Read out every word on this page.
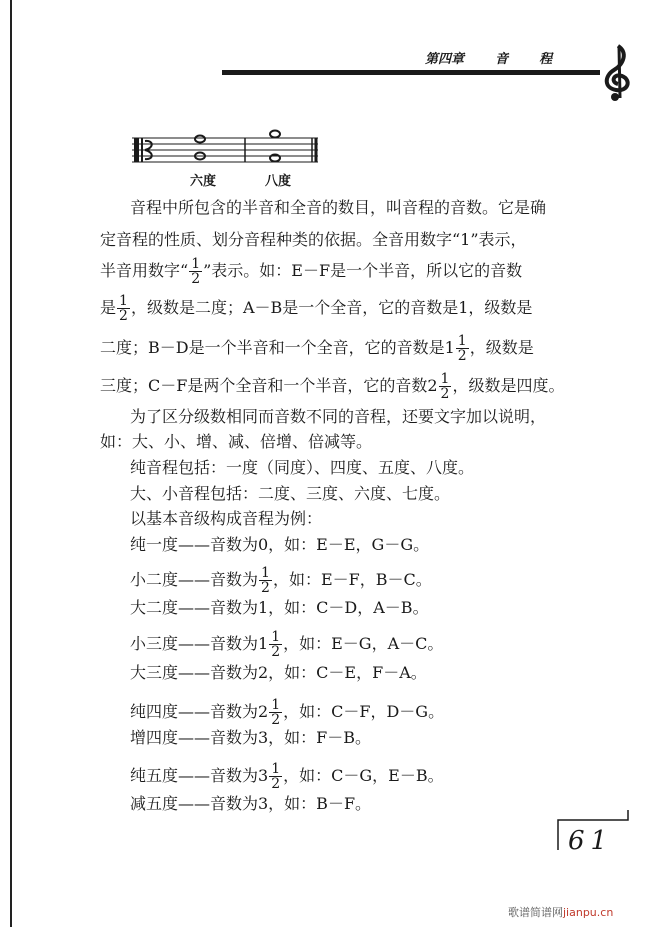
第四章 音 程
六度	八度
音程中所包含的半音和全音的数目，叫音程的音数。它是确
定音程的性质、划分音程种类的依据。全音用数字“1”表示，
半音用数字“ $\frac{1}{2}$ ”表示。如：E－F是一个半音，所以它的音数
是 $\frac{1}{2}$ ，级数是二度；A－B是一个全音，它的音数是1，级数是
二度；B－D是一个半音和一个全音，它的音数是$1 \frac{1}{2}$ ，级数是
三度；C－F是两个全音和一个半音，它的音数$2 \frac{1}{2}$ ，级数是四度。
为了区分级数相同而音数不同的音程，还要文字加以说明，
如：大、小、增、减、倍增、倍减等。
纯音程包括：一度（同度）、四度、五度、八度。
大、小音程包括：二度、三度、六度、七度。
以基本音级构成音程为例：
纯一度——音数为0，如：E－E，G－G。
小二度——音数为 $\frac{1}{2}$ ，如：E－F，B－C。
大二度——音数为1，如：C－D，A－B。
小三度——音数为$1 \frac{1}{2}$ ，如：E－G，A－C。
大三度——音数为2，如：C－E，F－A。
纯四度——音数为$2 \frac{1}{2}$ ，如：C－F，D－G。
增四度——音数为3，如：F－B。
纯五度——音数为$3 \frac{1}{2}$ ，如：C－G，E－B。
减五度——音数为3，如：B－F。
61
歌谱简谱网jianpu.cn
